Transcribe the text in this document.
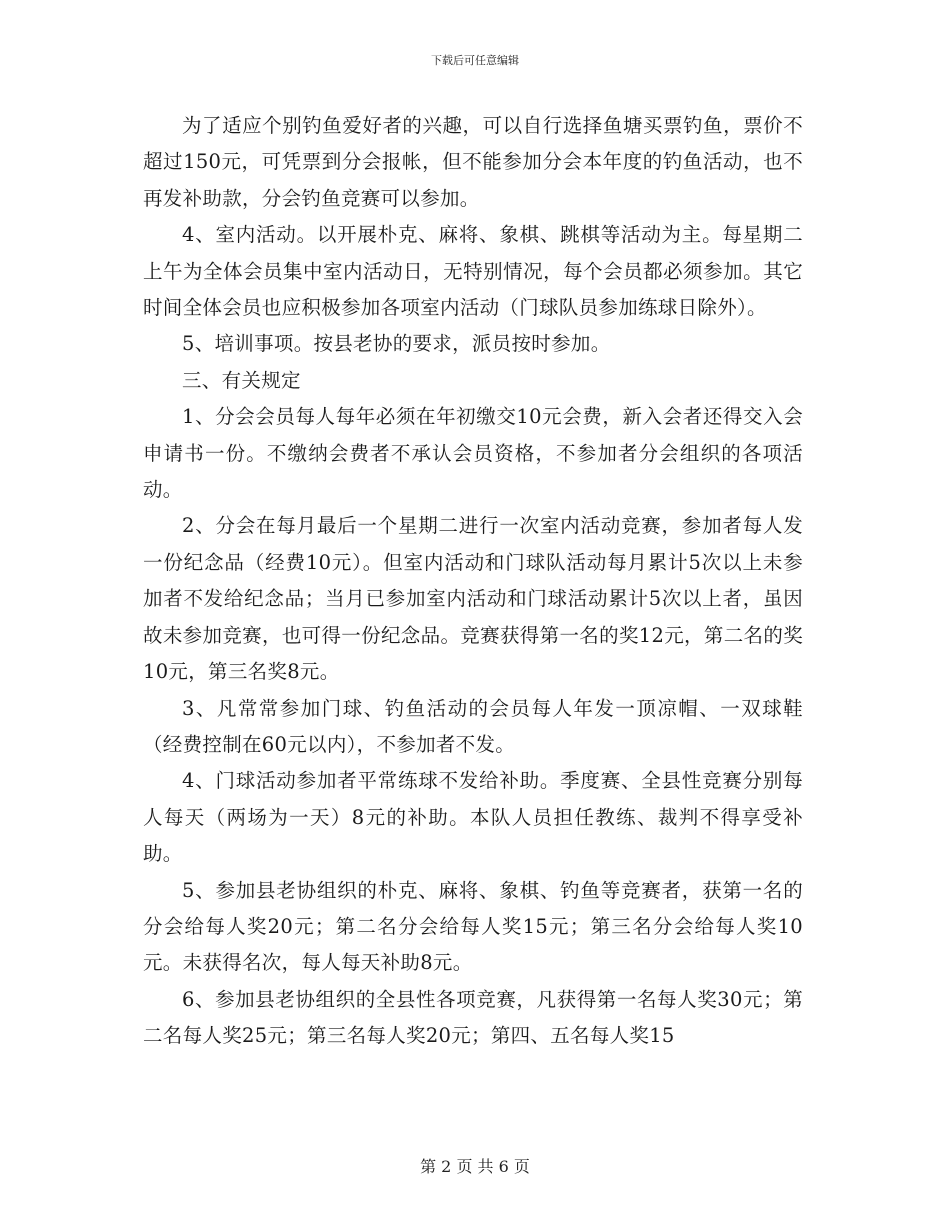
下载后可任意编辑

为了适应个别钓鱼爱好者的兴趣，可以自行选择鱼塘买票钓鱼，票价不超过150元，可凭票到分会报帐，但不能参加分会本年度的钓鱼活动，也不再发补助款，分会钓鱼竞赛可以参加。

4、室内活动。以开展朴克、麻将、象棋、跳棋等活动为主。每星期二上午为全体会员集中室内活动日，无特别情况，每个会员都必须参加。其它时间全体会员也应积极参加各项室内活动（门球队员参加练球日除外）。

5、培训事项。按县老协的要求，派员按时参加。

三、有关规定

1、分会会员每人每年必须在年初缴交10元会费，新入会者还得交入会申请书一份。不缴纳会费者不承认会员资格，不参加者分会组织的各项活动。

2、分会在每月最后一个星期二进行一次室内活动竞赛，参加者每人发一份纪念品（经费10元）。但室内活动和门球队活动每月累计5次以上未参加者不发给纪念品；当月已参加室内活动和门球活动累计5次以上者，虽因故未参加竞赛，也可得一份纪念品。竞赛获得第一名的奖12元，第二名的奖10元，第三名奖8元。

3、凡常常参加门球、钓鱼活动的会员每人年发一顶凉帽、一双球鞋（经费控制在60元以内），不参加者不发。

4、门球活动参加者平常练球不发给补助。季度赛、全县性竞赛分别每人每天（两场为一天）8元的补助。本队人员担任教练、裁判不得享受补助。

5、参加县老协组织的朴克、麻将、象棋、钓鱼等竞赛者，获第一名的分会给每人奖20元；第二名分会给每人奖15元；第三名分会给每人奖10元。未获得名次，每人每天补助8元。

6、参加县老协组织的全县性各项竞赛，凡获得第一名每人奖30元；第二名每人奖25元；第三名每人奖20元；第四、五名每人奖15

第 2 页 共 6 页
